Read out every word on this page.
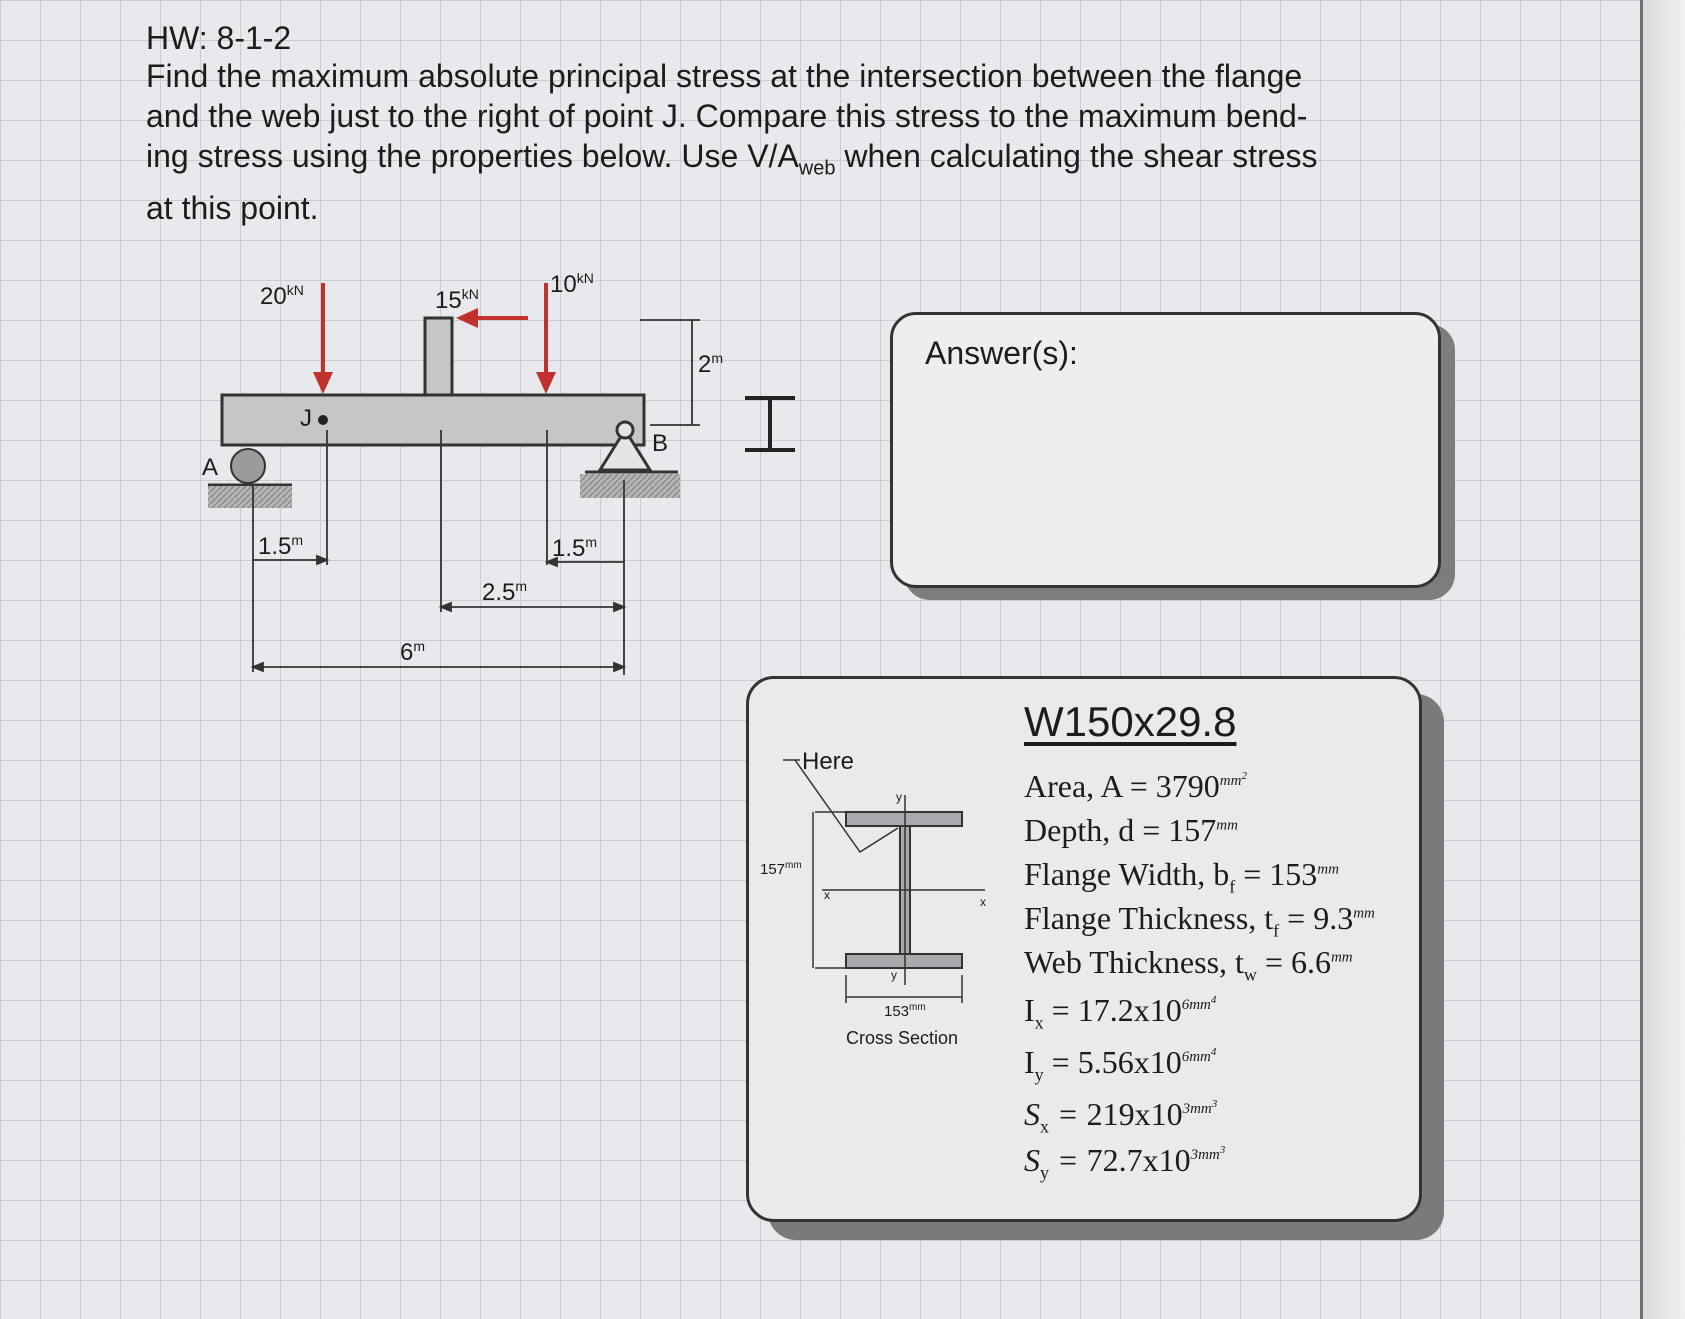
HW: 8-1-2
Find the maximum absolute principal stress at the intersection between the flange
and the web just to the right of point J. Compare this stress to the maximum bend-
ing stress using the properties below. Use $V/A_{web}$ when calculating the shear stress
at this point.
$20^{kN}$	$15^{kN}$	$10^{kN}$
2$^m$
J
A
B
1.5$^m$	1.5$^m$
2.5$^m$
6$^m$
Answer(s):
Here
$157^{mm}$
$153^{mm}$
Cross Section
x	x
y
y
W150x29.8
Area, $A = 3790^{mm^2}$
Depth, $d = 157^{mm}$
Flange Width, $b_f = 153^{mm}$
Flange Thickness, $t_f = 9.3^{mm}$
Web Thickness, $t_w = 6.6^{mm}$
$I_x = 17.2x10^{6mm^4}$
$I_y = 5.56x10^{6mm^4}$
$S_x = 219x10^{3mm^3}$
$S_y = 72.7x10^{3mm^3}$
